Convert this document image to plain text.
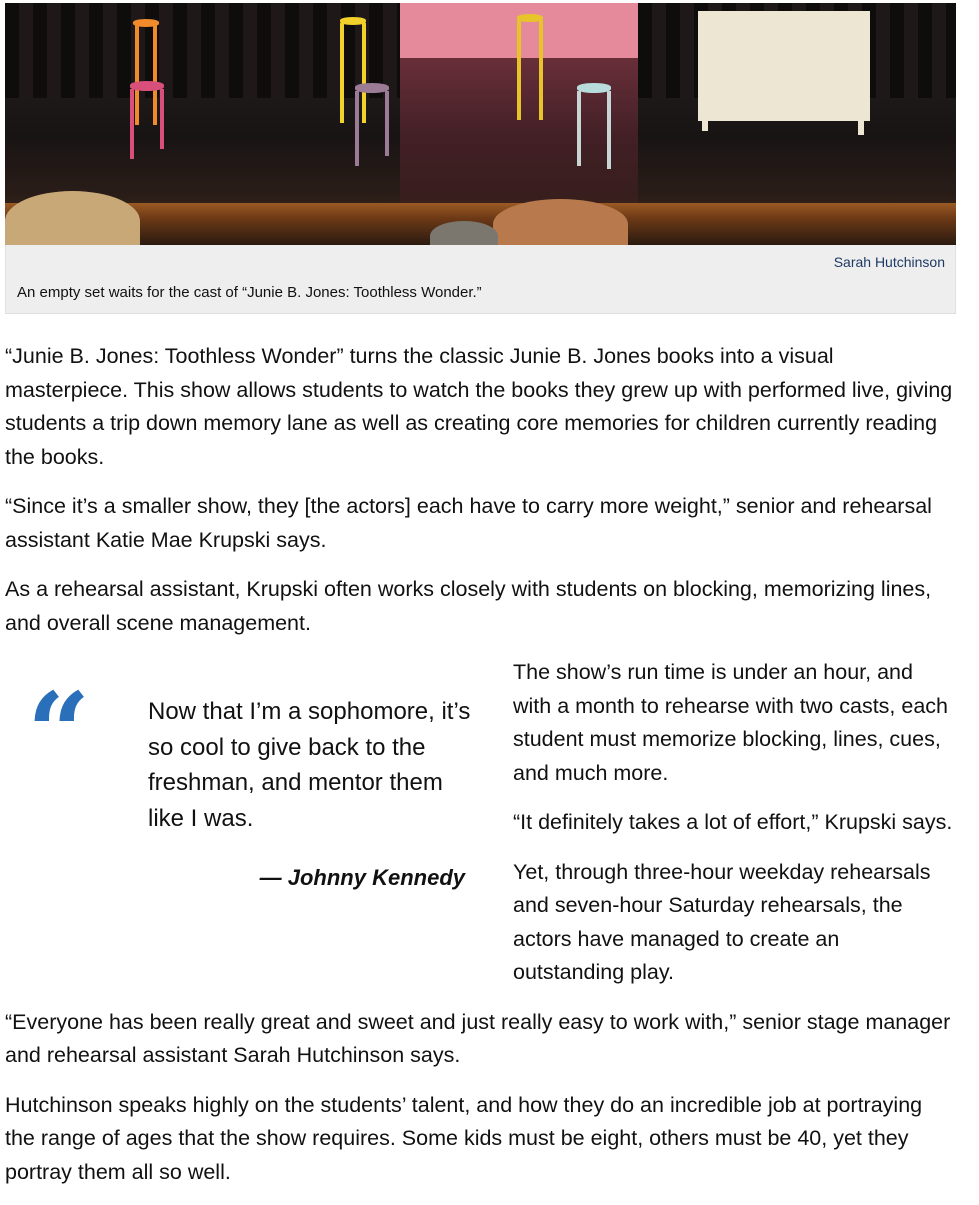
Sarah Hutchinson
An empty set waits for the cast of “Junie B. Jones: Toothless Wonder.”

“Junie B. Jones: Toothless Wonder” turns the classic Junie B. Jones books into a visual masterpiece. This show allows students to watch the books they grew up with performed live, giving students a trip down memory lane as well as creating core memories for children currently reading the books.

“Since it’s a smaller show, they [the actors] each have to carry more weight,” senior and rehearsal assistant Katie Mae Krupski says.

As a rehearsal assistant, Krupski often works closely with students on blocking, memorizing lines, and overall scene management.

“ Now that I’m a sophomore, it’s so cool to give back to the freshman, and mentor them like I was.
— Johnny Kennedy

The show’s run time is under an hour, and with a month to rehearse with two casts, each student must memorize blocking, lines, cues, and much more.

“It definitely takes a lot of effort,” Krupski says.

Yet, through three-hour weekday rehearsals and seven-hour Saturday rehearsals, the actors have managed to create an outstanding play.

“Everyone has been really great and sweet and just really easy to work with,” senior stage manager and rehearsal assistant Sarah Hutchinson says.

Hutchinson speaks highly on the students’ talent, and how they do an incredible job at portraying the range of ages that the show requires. Some kids must be eight, others must be 40, yet they portray them all so well.
